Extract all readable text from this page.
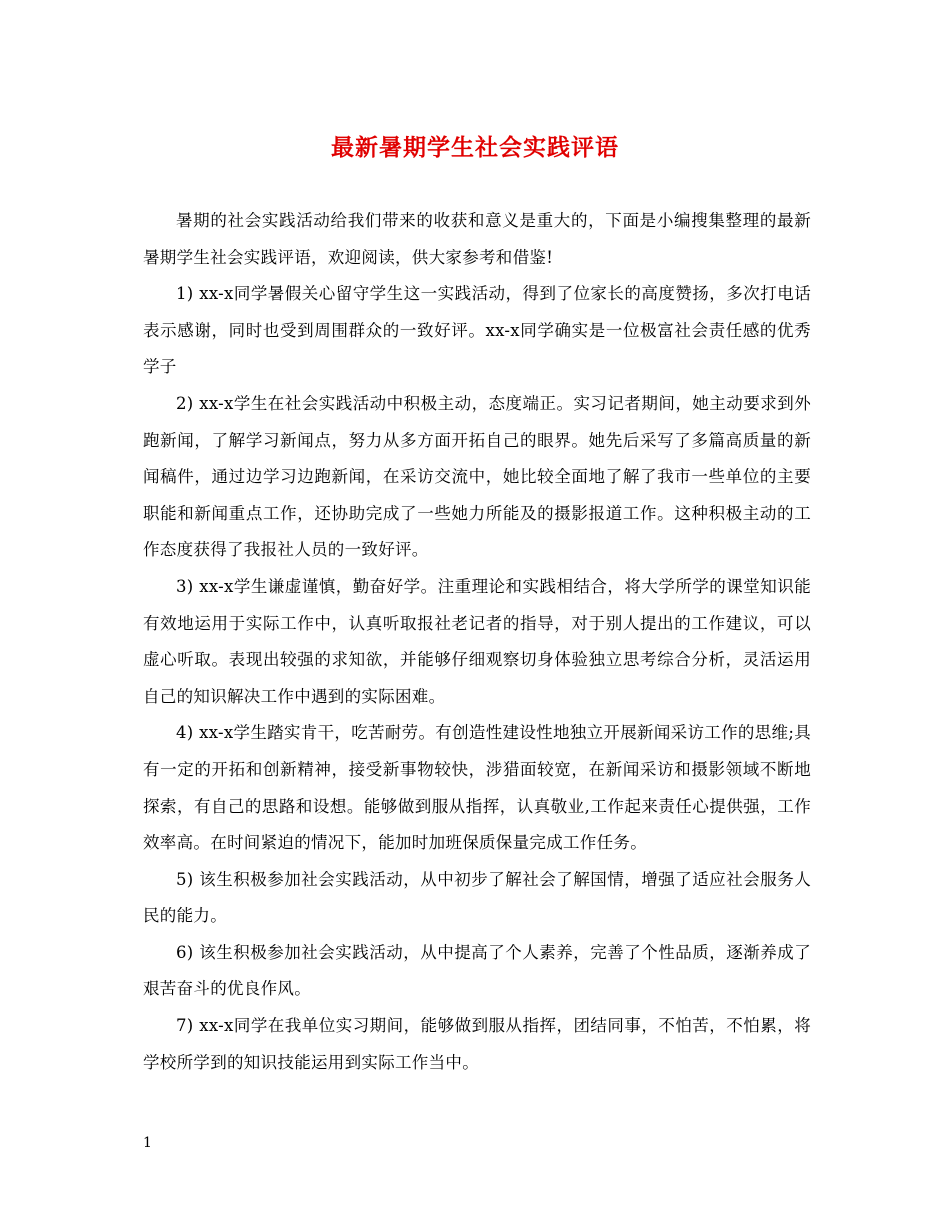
最新暑期学生社会实践评语

暑期的社会实践活动给我们带来的收获和意义是重大的，下面是小编搜集整理的最新暑期学生社会实践评语，欢迎阅读，供大家参考和借鉴!

1) xx-x同学暑假关心留守学生这一实践活动，得到了位家长的高度赞扬，多次打电话表示感谢，同时也受到周围群众的一致好评。xx-x同学确实是一位极富社会责任感的优秀学子

2) xx-x学生在社会实践活动中积极主动，态度端正。实习记者期间，她主动要求到外跑新闻，了解学习新闻点，努力从多方面开拓自己的眼界。她先后采写了多篇高质量的新闻稿件，通过边学习边跑新闻，在采访交流中，她比较全面地了解了我市一些单位的主要职能和新闻重点工作，还协助完成了一些她力所能及的摄影报道工作。这种积极主动的工作态度获得了我报社人员的一致好评。

3) xx-x学生谦虚谨慎，勤奋好学。注重理论和实践相结合，将大学所学的课堂知识能有效地运用于实际工作中，认真听取报社老记者的指导，对于别人提出的工作建议，可以虚心听取。表现出较强的求知欲，并能够仔细观察切身体验独立思考综合分析，灵活运用自己的知识解决工作中遇到的实际困难。

4) xx-x学生踏实肯干，吃苦耐劳。有创造性建设性地独立开展新闻采访工作的思维;具有一定的开拓和创新精神，接受新事物较快，涉猎面较宽，在新闻采访和摄影领域不断地探索，有自己的思路和设想。能够做到服从指挥，认真敬业,工作起来责任心提供强，工作效率高。在时间紧迫的情况下，能加时加班保质保量完成工作任务。

5) 该生积极参加社会实践活动，从中初步了解社会了解国情，增强了适应社会服务人民的能力。

6) 该生积极参加社会实践活动，从中提高了个人素养，完善了个性品质，逐渐养成了艰苦奋斗的优良作风。

7) xx-x同学在我单位实习期间，能够做到服从指挥，团结同事，不怕苦，不怕累，将学校所学到的知识技能运用到实际工作当中。

1
